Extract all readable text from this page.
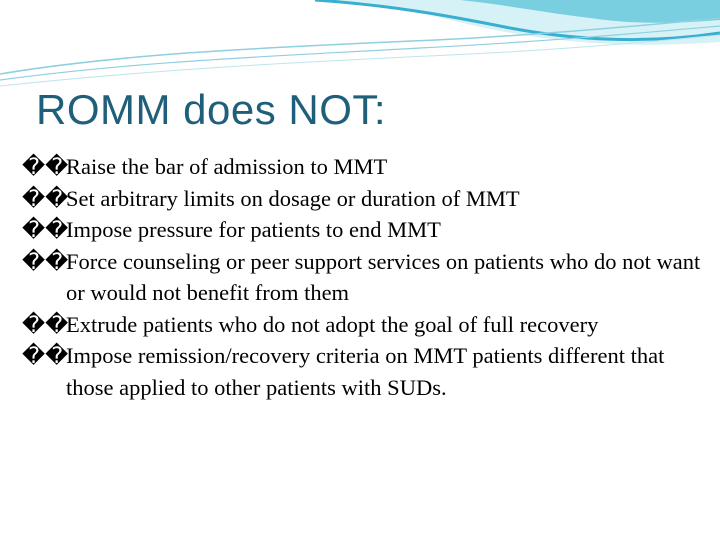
ROMM does NOT:
��
Raise the bar of admission to MMT
��
Set arbitrary limits on dosage or duration of MMT
��
Impose pressure for patients to end MMT
��
Force counseling or peer support services on patients who do not want or would not benefit from them
��
Extrude patients who do not adopt the goal of full recovery
��
Impose remission/recovery criteria on MMT patients different that those applied to other patients with SUDs.
